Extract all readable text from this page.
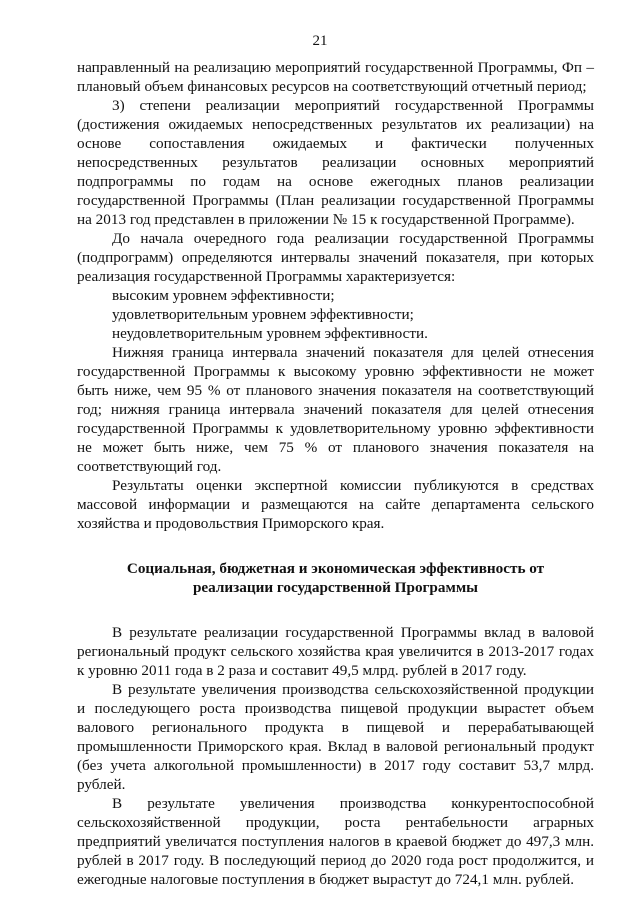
21

направленный на реализацию мероприятий государственной Программы, Фп – плановый объем финансовых ресурсов на соответствующий отчетный период;

3) степени реализации мероприятий государственной Программы (достижения ожидаемых непосредственных результатов их реализации) на основе сопоставления ожидаемых и фактически полученных непосредственных результатов реализации основных мероприятий подпрограммы по годам на основе ежегодных планов реализации государственной Программы (План реализации государственной Программы на 2013 год представлен в приложении № 15 к государственной Программе).

До начала очередного года реализации государственной Программы (подпрограмм) определяются интервалы значений показателя, при которых реализация государственной Программы характеризуется:

высоким уровнем эффективности;

удовлетворительным уровнем эффективности;

неудовлетворительным уровнем эффективности.

Нижняя граница интервала значений показателя для целей отнесения государственной Программы к высокому уровню эффективности не может быть ниже, чем 95 % от планового значения показателя на соответствующий год; нижняя граница интервала значений показателя для целей отнесения государственной Программы к удовлетворительному уровню эффективности не может быть ниже, чем 75 % от планового значения показателя на соответствующий год.

Результаты оценки экспертной комиссии публикуются в средствах массовой информации и размещаются на сайте департамента сельского хозяйства и продовольствия Приморского края.

Социальная, бюджетная и экономическая эффективность от
реализации государственной Программы

В результате реализации государственной Программы вклад в валовой региональный продукт сельского хозяйства края увеличится в 2013-2017 годах к уровню 2011 года в 2 раза и составит 49,5 млрд. рублей в 2017 году.

В результате увеличения производства сельскохозяйственной продукции и последующего роста производства пищевой продукции вырастет объем валового регионального продукта в пищевой и перерабатывающей промышленности Приморского края. Вклад в валовой региональный продукт (без учета алкогольной промышленности) в 2017 году составит 53,7 млрд. рублей.

В результате увеличения производства конкурентоспособной сельскохозяйственной продукции, роста рентабельности аграрных предприятий увеличатся поступления налогов в краевой бюджет до 497,3 млн. рублей в 2017 году. В последующий период до 2020 года рост продолжится, и ежегодные налоговые поступления в бюджет вырастут до 724,1 млн. рублей.
